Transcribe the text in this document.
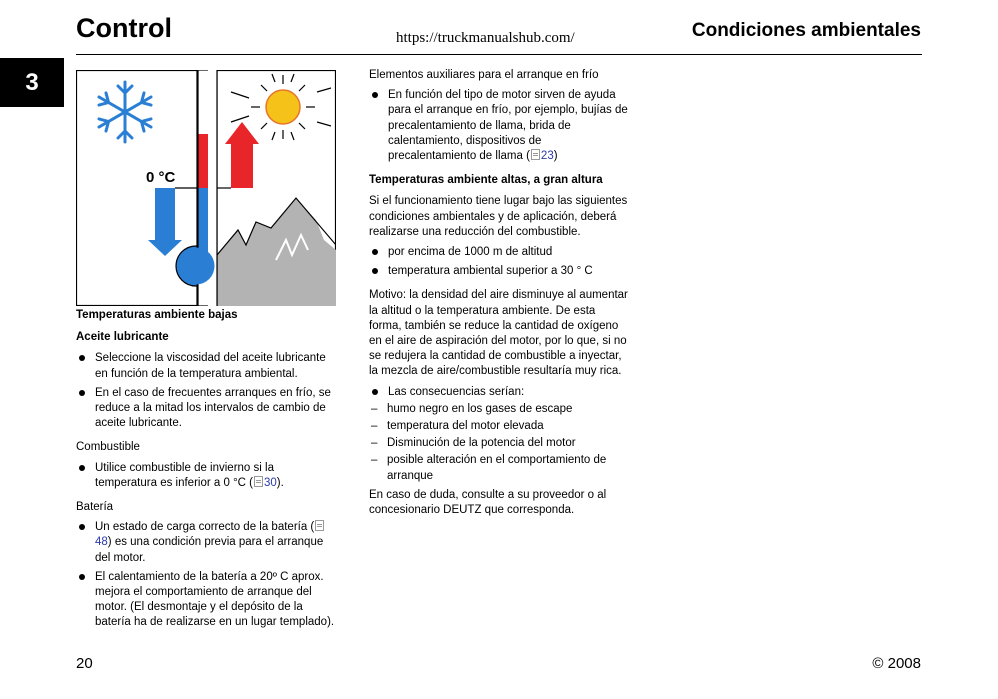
Control	https://truckmanualshub.com/	Condiciones ambientales
3
0 °C

Temperaturas ambiente bajas

Aceite lubricante

Seleccione la viscosidad del aceite lubricante en función de la temperatura ambiental.
En el caso de frecuentes arranques en frío, se reduce a la mitad los intervalos de cambio de aceite lubricante.

Combustible

Utilice combustible de invierno si la temperatura es inferior a 0 °C ( 30).

Batería

Un estado de carga correcto de la batería (48) es una condición previa para el arranque del motor.
El calentamiento de la batería a 20º C aprox. mejora el comportamiento de arranque del motor. (El desmontaje y el depósito de la batería ha de realizarse en un lugar templado).

Elementos auxiliares para el arranque en frío

En función del tipo de motor sirven de ayuda para el arranque en frío, por ejemplo, bujías de precalentamiento de llama, brida de calentamiento, dispositivos de precalentamiento de llama ( 23)

Temperaturas ambiente altas, a gran altura

Si el funcionamiento tiene lugar bajo las siguientes condiciones ambientales y de aplicación, deberá realizarse una reducción del combustible.

por encima de 1000 m de altitud
temperatura ambiental superior a 30 ° C

Motivo: la densidad del aire disminuye al aumentar la altitud o la temperatura ambiente. De esta forma, también se reduce la cantidad de oxígeno en el aire de aspiración del motor, por lo que, si no se redujera la cantidad de combustible a inyectar, la mezcla de aire/combustible resultaría muy rica.

Las consecuencias serían:
– humo negro en los gases de escape
– temperatura del motor elevada
– Disminución de la potencia del motor
– posible alteración en el comportamiento de arranque

En caso de duda, consulte a su proveedor o al concesionario DEUTZ que corresponda.

20	© 2008
